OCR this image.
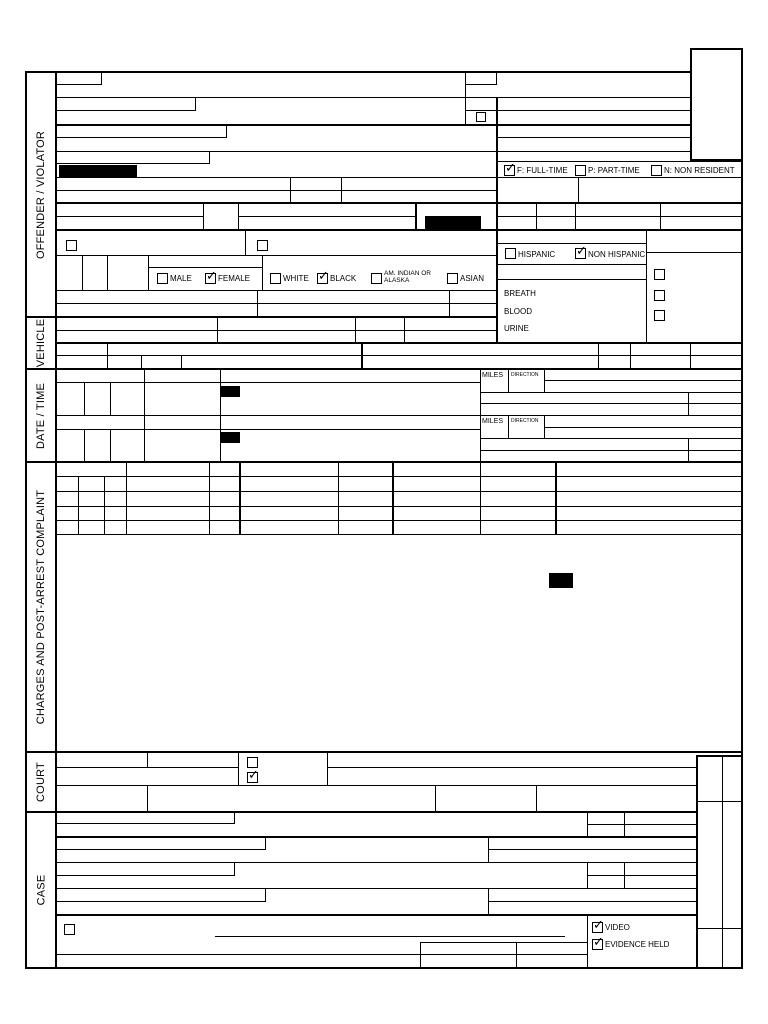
OFFENDER / VIOLATOR
VEHICLE
DATE / TIME
CHARGES AND POST-ARREST COMPLAINT
COURT
CASE
✓ F: FULL-TIME	P: PART-TIME	N: NON RESIDENT
HISPANIC ✓ NON HISPANIC
MALE ✓ FEMALE	WHITE ✓ BLACK
AM. INDIAN OR ALASKA	ASIAN
BREATH
BLOOD
URINE
MILES DIRECTION
MILES DIRECTION
✓
✓ VIDEO
✓ EVIDENCE HELD
